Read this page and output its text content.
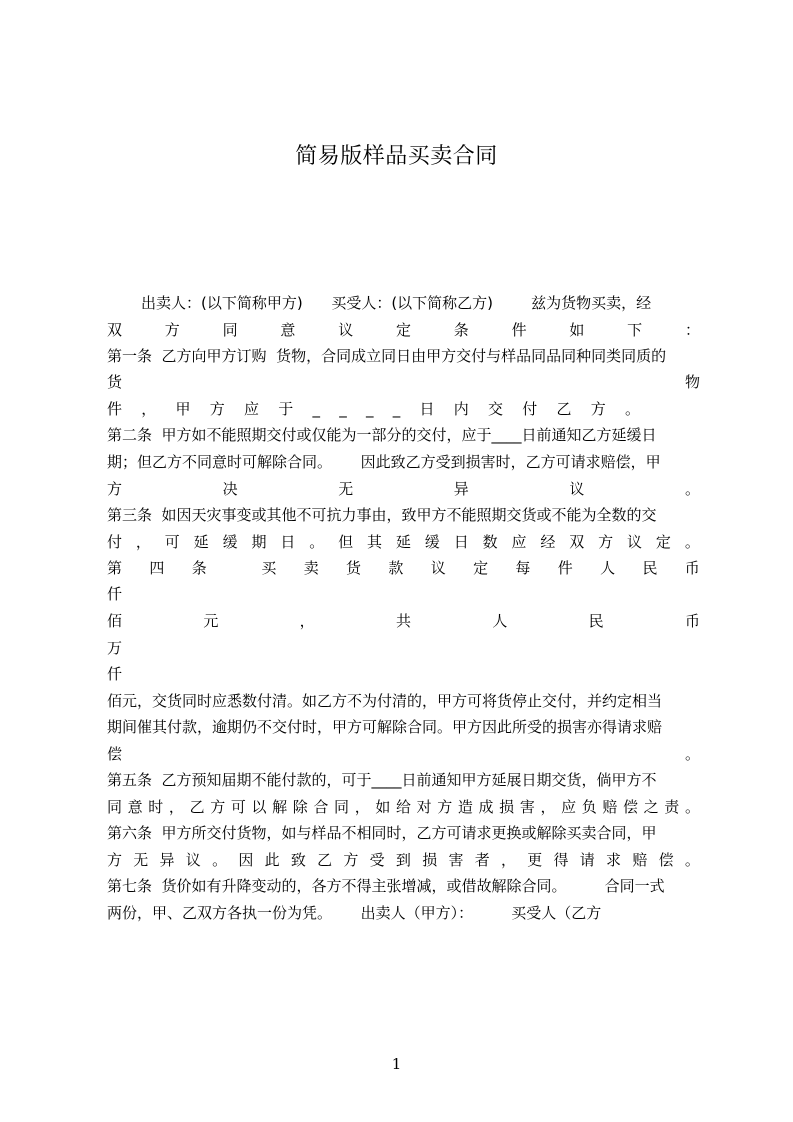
简易版样品买卖合同
出卖人：(以下简称甲方)      买受人：(以下简称乙方)        兹为货物买卖，经
双	方	同	意	议	定	条	件	如	下	：
第一条  乙方向甲方订购  货物，合同成立同日由甲方交付与样品同品同种同类同质的
货	物
件 ， 甲 方 应 于 _ _ _ _ 日 内 交 付 乙 方 。
第二条  甲方如不能照期交付或仅能为一部分的交付，应于____日前通知乙方延缓日
期；但乙方不同意时可解除合同。      因此致乙方受到损害时，乙方可请求赔偿，甲
方	决	无	异	议	。
第三条  如因天灾事变或其他不可抗力事由，致甲方不能照期交货或不能为全数的交
付 ， 可 延 缓 期 日 。 但 其 延 缓 日 数 应 经 双 方 议 定 。
第 四 条	买 卖 货 款 议 定 每 件 人 民 币
仟
佰	元	，	共	人	民	币
万
仟
佰元，交货同时应悉数付清。如乙方不为付清的，甲方可将货停止交付，并约定相当
期间催其付款，逾期仍不交付时，甲方可解除合同。甲方因此所受的损害亦得请求赔
偿	。
第五条  乙方预知届期不能付款的，可于____日前通知甲方延展日期交货，倘甲方不
同 意 时 ， 乙 方 可 以 解 除 合 同 ， 如 给 对 方 造 成 损 害 ， 应 负 赔 偿 之 责 。
第六条  甲方所交付货物，如与样品不相同时，乙方可请求更换或解除买卖合同，甲
方 无 异 议 。 因 此 致 乙 方 受 到 损 害 者 ， 更 得 请 求 赔 偿 。
第七条  货价如有升降变动的，各方不得主张增减，或借故解除合同。        合同一式
两份，甲、乙双方各执一份为凭。      出卖人（甲方）：        买受人（乙方
1
